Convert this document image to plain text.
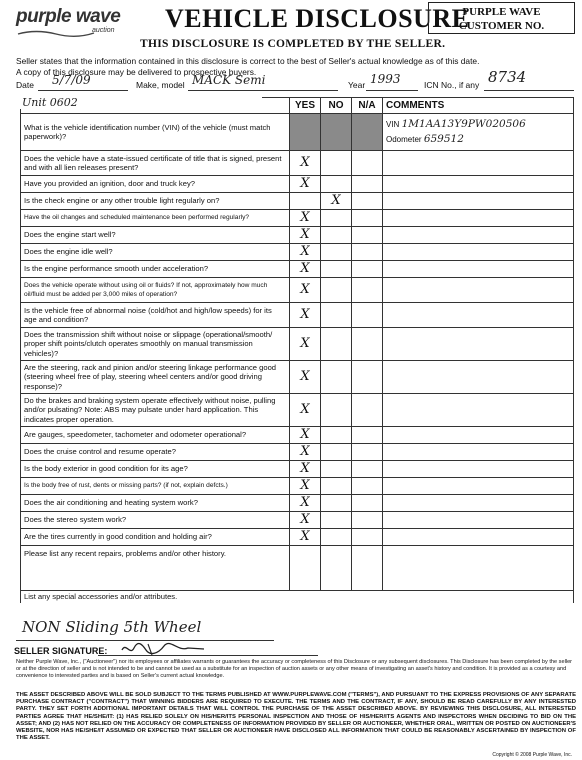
purple wave
auction VEHICLE DISCLOSURE
THIS DISCLOSURE IS COMPLETED BY THE SELLER.
PURPLE WAVE
CUSTOMER NO.
Seller states that the information contained in this disclosure is correct to the best of Seller's actual knowledge as of this date.
A copy of this disclosure may be delivered to prospective buyers.
Date 5/7/09	Make, model MACK Semi	Year 1993	ICN No., if any 8734
Unit 0602
		YES	NO	N/A	COMMENTS
What is the vehicle identification number (VIN) of the vehicle (must match paperwork)?				VIN 1M1AA13Y9PW020506
Odometer 659512

Does the vehicle have a state-issued certificate of title that is signed, present and with all lien releases present?	X			
Have you provided an ignition, door and truck key?	X			
Is the check engine or any other trouble light regularly on?		X		
Have the oil changes and scheduled maintenance been performed regularly?	X			
Does the engine start well?	X			
Does the engine idle well?	X			
Is the engine performance smooth under acceleration?	X			
Does the vehicle operate without using oil or fluids? If not, approximately how much oil/fluid must be added per 3,000 miles of operation?	X			
Is the vehicle free of abnormal noise (cold/hot and high/low speeds) for its age and condition?	X			
Does the transmission shift without noise or slippage (operational/smooth/ proper shift points/clutch operates smoothly on manual transmission vehicles)?	X			
Are the steering, rack and pinion and/or steering linkage performance good (steering wheel free of play, steering wheel centers and/or good driving response)?	X			
Do the brakes and braking system operate effectively without noise, pulling and/or pulsating? Note: ABS may pulsate under hard application. This indicates proper operation.	X			
Are gauges, speedometer, tachometer and odometer operational?	X			
Does the cruise control and resume operate?	X			
Is the body exterior in good condition for its age?	X			
Is the body free of rust, dents or missing parts? (if not, explain defcts.)	X			
Does the air conditioning and heating system work?	X			
Does the stereo system work?	X			
Are the tires currently in good condition and holding air?	X			
Please list any recent repairs, problems and/or other history.				
List any special accessories and/or attributes.				
NON Sliding 5th Wheel
SELLER SIGNATURE:
Neither Purple Wave, Inc., ("Auctioneer") nor its employees or affiliates warrants or guarantees the accuracy or completeness of this Disclosure or any subsequent disclosures. This Disclosure has been completed by the seller or at the direction of seller and is not intended to be and cannot be used as a substitute for an inspection of auction assets or any other means of investigating an asset's history and condition. It is provided as a courtesy and convenience to interested parties and is based on Seller's current actual knowledge.
THE ASSET DESCRIBED ABOVE WILL BE SOLD SUBJECT TO THE TERMS PUBLISHED AT WWW.PURPLEWAVE.COM ("TERMS"), AND PURSUANT TO THE EXPRESS PROVISIONS OF ANY SEPARATE PURCHASE CONTRACT ("CONTRACT") THAT WINNING BIDDERS ARE REQUIRED TO EXECUTE. THE TERMS AND THE CONTRACT, IF ANY, SHOULD BE READ CAREFULLY BY ANY INTERESTED PARTY. THEY SET FORTH ADDITIONAL IMPORTANT DETAILS THAT WILL CONTROL THE PURCHASE OF THE ASSET DESCRIBED ABOVE. BY REVIEWING THIS DISCLOSURE, ALL INTERESTED PARTIES AGREE THAT HE/SHE/IT: (1) HAS RELIED SOLELY ON HIS/HER/ITS PERSONAL INSPECTION AND THOSE OF HIS/HER/ITS AGENTS AND INSPECTORS WHEN DECIDING TO BID ON THE ASSET; AND (2) HAS NOT RELIED ON THE ACCURACY OR COMPLETENESS OF INFORMATION PROVIDED BY SELLER OR AUCTIONEER, WHETHER ORAL, WRITTEN OR POSTED ON AUCTIONEER'S WEBSITE, NOR HAS HE/SHE/IT ASSUMED OR EXPECTED THAT SELLER OR AUCTIONEER HAVE DISCLOSED ALL INFORMATION THAT COULD BE REASONABLY ASCERTAINED BY INSPECTION OF THE ASSET.
Copyright © 2008 Purple Wave, Inc.
